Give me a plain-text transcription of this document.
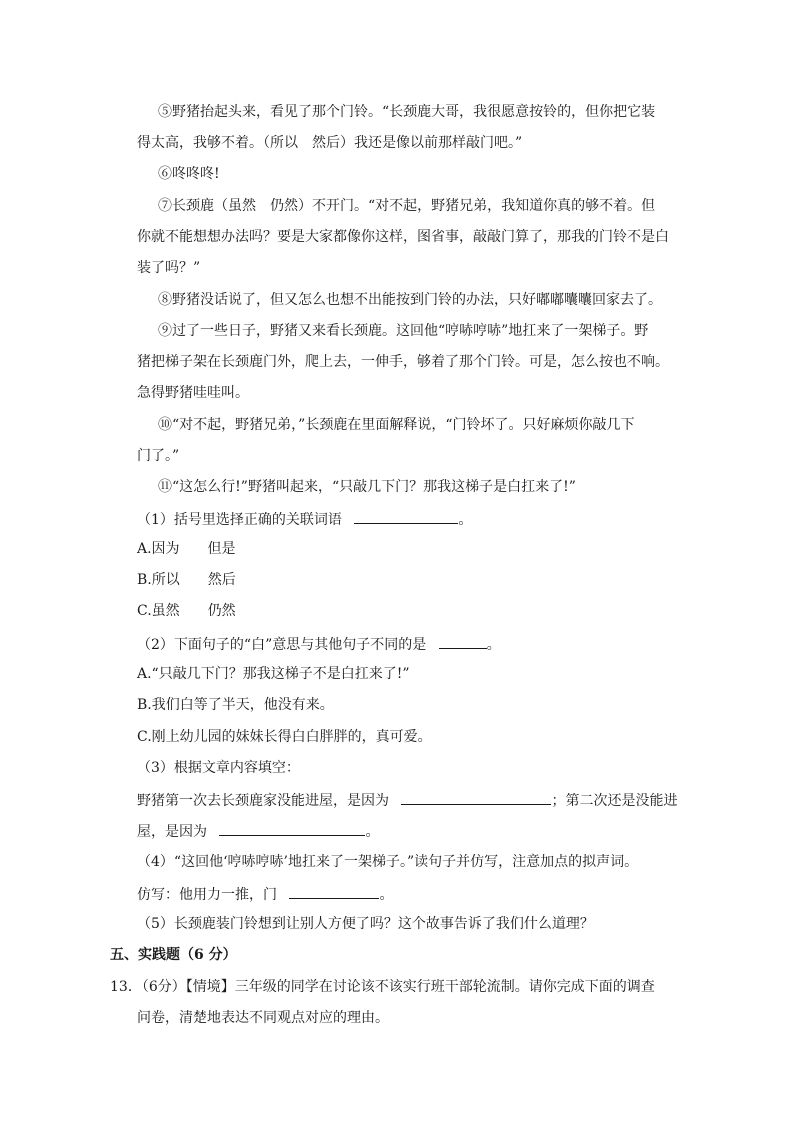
⑤野猪抬起头来，看见了那个门铃。“长颈鹿大哥，我很愿意按铃的，但你把它装
得太高，我够不着。（所以　然后）我还是像以前那样敲门吧。”
⑥咚咚咚!
⑦长颈鹿（虽然　仍然）不开门。“对不起，野猪兄弟，我知道你真的够不着。但
你就不能想想办法吗？要是大家都像你这样，图省事，敲敲门算了，那我的门铃不是白
装了吗？”
⑧野猪没话说了，但又怎么也想不出能按到门铃的办法，只好嘟嘟囔囔回家去了。
⑨过了一些日子，野猪又来看长颈鹿。这回他“哼哧哼哧”地扛来了一架梯子。野
猪把梯子架在长颈鹿门外，爬上去，一伸手，够着了那个门铃。可是，怎么按也不响。
急得野猪哇哇叫。
⑩“对不起，野猪兄弟，”长颈鹿在里面解释说，“门铃坏了。只好麻烦你敲几下
门了。”
⑪“这怎么行!”野猪叫起来，“只敲几下门？那我这梯子是白扛来了!”
（1）括号里选择正确的关联词语	。
A.因为　　但是
B.所以　　然后
C.虽然　　仍然
（2）下面句子的“白”意思与其他句子不同的是	。
A.“只敲几下门？那我这梯子不是白扛来了!”
B.我们白等了半天，他没有来。
C.刚上幼儿园的妹妹长得白白胖胖的，真可爱。
（3）根据文章内容填空：
野猪第一次去长颈鹿家没能进屋，是因为	；第二次还是没能进
屋，是因为	。
（4）“这回他‘哼哧哼哧’地扛来了一架梯子。”读句子并仿写，注意加点的拟声词。
仿写：他用力一推，门	。
（5）长颈鹿装门铃想到让别人方便了吗？这个故事告诉了我们什么道理？
五、实践题（6 分）
13．（6分）【情境】三年级的同学在讨论该不该实行班干部轮流制。请你完成下面的调查
问卷，清楚地表达不同观点对应的理由。
